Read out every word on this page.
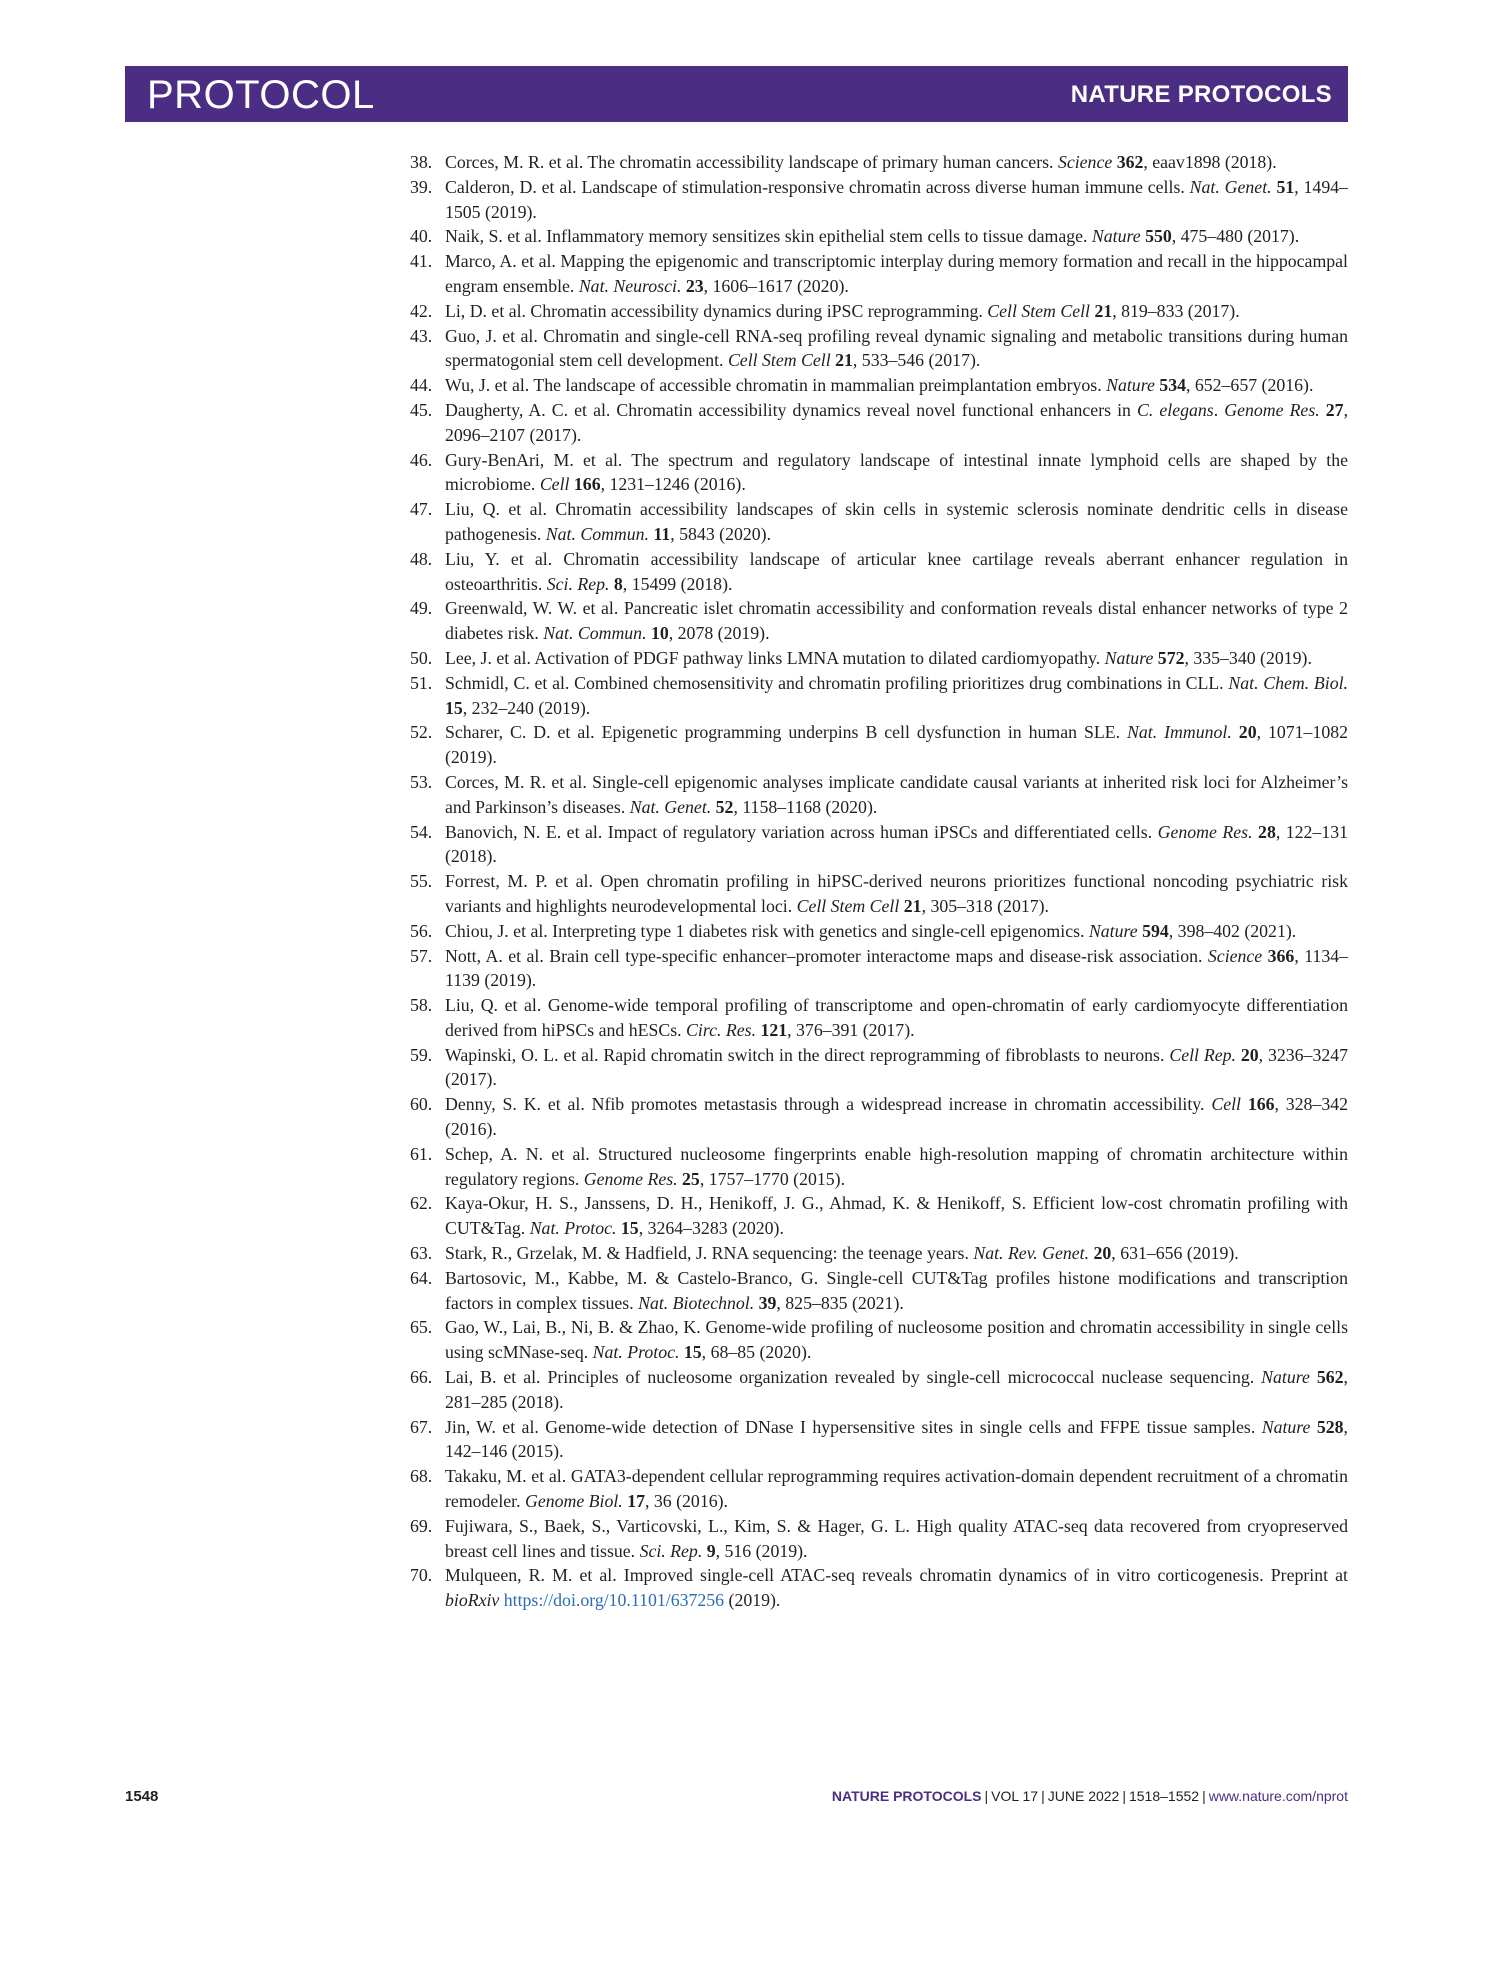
PROTOCOL	NATURE PROTOCOLS
38. Corces, M. R. et al. The chromatin accessibility landscape of primary human cancers. Science 362, eaav1898 (2018).
39. Calderon, D. et al. Landscape of stimulation-responsive chromatin across diverse human immune cells. Nat. Genet. 51, 1494–1505 (2019).
40. Naik, S. et al. Inflammatory memory sensitizes skin epithelial stem cells to tissue damage. Nature 550, 475–480 (2017).
41. Marco, A. et al. Mapping the epigenomic and transcriptomic interplay during memory formation and recall in the hippocampal engram ensemble. Nat. Neurosci. 23, 1606–1617 (2020).
42. Li, D. et al. Chromatin accessibility dynamics during iPSC reprogramming. Cell Stem Cell 21, 819–833 (2017).
43. Guo, J. et al. Chromatin and single-cell RNA-seq profiling reveal dynamic signaling and metabolic transitions during human spermatogonial stem cell development. Cell Stem Cell 21, 533–546 (2017).
44. Wu, J. et al. The landscape of accessible chromatin in mammalian preimplantation embryos. Nature 534, 652–657 (2016).
45. Daugherty, A. C. et al. Chromatin accessibility dynamics reveal novel functional enhancers in C. elegans. Genome Res. 27, 2096–2107 (2017).
46. Gury-BenAri, M. et al. The spectrum and regulatory landscape of intestinal innate lymphoid cells are shaped by the microbiome. Cell 166, 1231–1246 (2016).
47. Liu, Q. et al. Chromatin accessibility landscapes of skin cells in systemic sclerosis nominate dendritic cells in disease pathogenesis. Nat. Commun. 11, 5843 (2020).
48. Liu, Y. et al. Chromatin accessibility landscape of articular knee cartilage reveals aberrant enhancer regulation in osteoarthritis. Sci. Rep. 8, 15499 (2018).
49. Greenwald, W. W. et al. Pancreatic islet chromatin accessibility and conformation reveals distal enhancer networks of type 2 diabetes risk. Nat. Commun. 10, 2078 (2019).
50. Lee, J. et al. Activation of PDGF pathway links LMNA mutation to dilated cardiomyopathy. Nature 572, 335–340 (2019).
51. Schmidl, C. et al. Combined chemosensitivity and chromatin profiling prioritizes drug combinations in CLL. Nat. Chem. Biol. 15, 232–240 (2019).
52. Scharer, C. D. et al. Epigenetic programming underpins B cell dysfunction in human SLE. Nat. Immunol. 20, 1071–1082 (2019).
53. Corces, M. R. et al. Single-cell epigenomic analyses implicate candidate causal variants at inherited risk loci for Alzheimer’s and Parkinson’s diseases. Nat. Genet. 52, 1158–1168 (2020).
54. Banovich, N. E. et al. Impact of regulatory variation across human iPSCs and differentiated cells. Genome Res. 28, 122–131 (2018).
55. Forrest, M. P. et al. Open chromatin profiling in hiPSC-derived neurons prioritizes functional noncoding psychiatric risk variants and highlights neurodevelopmental loci. Cell Stem Cell 21, 305–318 (2017).
56. Chiou, J. et al. Interpreting type 1 diabetes risk with genetics and single-cell epigenomics. Nature 594, 398–402 (2021).
57. Nott, A. et al. Brain cell type-specific enhancer–promoter interactome maps and disease-risk association. Science 366, 1134–1139 (2019).
58. Liu, Q. et al. Genome-wide temporal profiling of transcriptome and open-chromatin of early cardiomyocyte differentiation derived from hiPSCs and hESCs. Circ. Res. 121, 376–391 (2017).
59. Wapinski, O. L. et al. Rapid chromatin switch in the direct reprogramming of fibroblasts to neurons. Cell Rep. 20, 3236–3247 (2017).
60. Denny, S. K. et al. Nfib promotes metastasis through a widespread increase in chromatin accessibility. Cell 166, 328–342 (2016).
61. Schep, A. N. et al. Structured nucleosome fingerprints enable high-resolution mapping of chromatin architecture within regulatory regions. Genome Res. 25, 1757–1770 (2015).
62. Kaya-Okur, H. S., Janssens, D. H., Henikoff, J. G., Ahmad, K. & Henikoff, S. Efficient low-cost chromatin profiling with CUT&Tag. Nat. Protoc. 15, 3264–3283 (2020).
63. Stark, R., Grzelak, M. & Hadfield, J. RNA sequencing: the teenage years. Nat. Rev. Genet. 20, 631–656 (2019).
64. Bartosovic, M., Kabbe, M. & Castelo-Branco, G. Single-cell CUT&Tag profiles histone modifications and transcription factors in complex tissues. Nat. Biotechnol. 39, 825–835 (2021).
65. Gao, W., Lai, B., Ni, B. & Zhao, K. Genome-wide profiling of nucleosome position and chromatin accessibility in single cells using scMNase-seq. Nat. Protoc. 15, 68–85 (2020).
66. Lai, B. et al. Principles of nucleosome organization revealed by single-cell micrococcal nuclease sequencing. Nature 562, 281–285 (2018).
67. Jin, W. et al. Genome-wide detection of DNase I hypersensitive sites in single cells and FFPE tissue samples. Nature 528, 142–146 (2015).
68. Takaku, M. et al. GATA3-dependent cellular reprogramming requires activation-domain dependent recruitment of a chromatin remodeler. Genome Biol. 17, 36 (2016).
69. Fujiwara, S., Baek, S., Varticovski, L., Kim, S. & Hager, G. L. High quality ATAC-seq data recovered from cryopreserved breast cell lines and tissue. Sci. Rep. 9, 516 (2019).
70. Mulqueen, R. M. et al. Improved single-cell ATAC-seq reveals chromatin dynamics of in vitro corticogenesis. Preprint at bioRxiv https://doi.org/10.1101/637256 (2019).
1548	NATURE PROTOCOLS | VOL 17 | JUNE 2022 | 1518–1552 | www.nature.com/nprot
